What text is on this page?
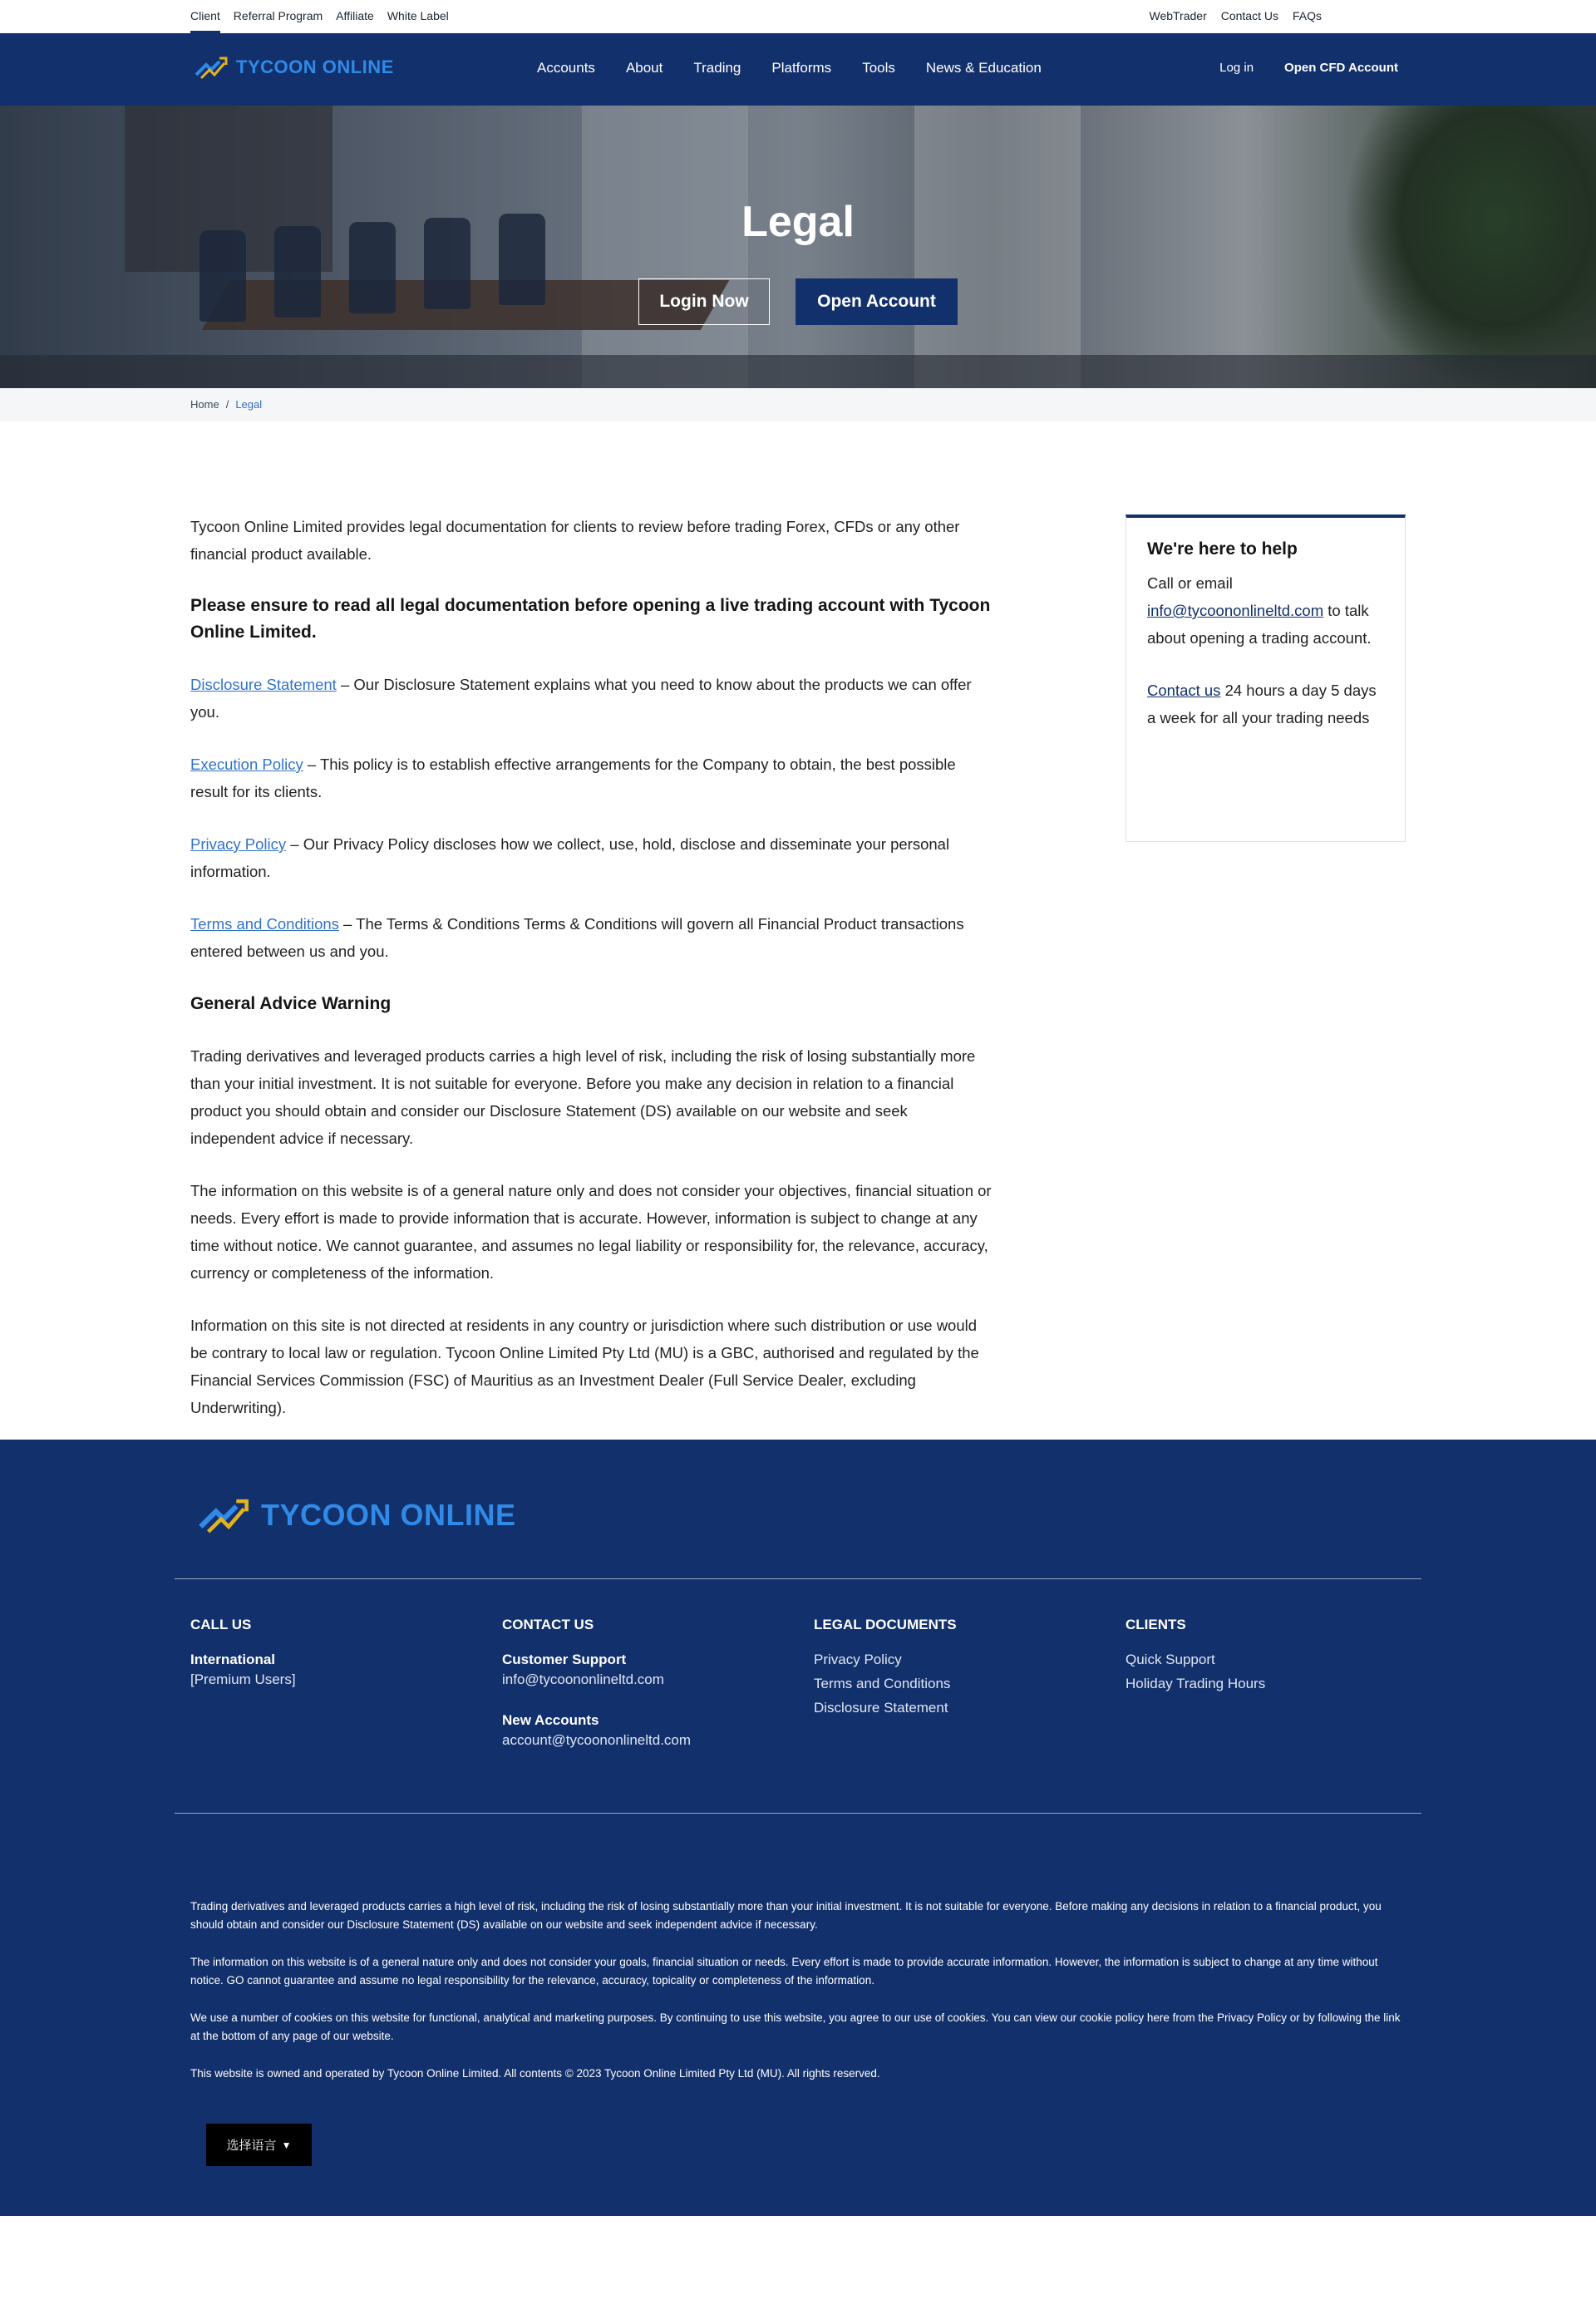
Client Referral Program Affiliate White Label	WebTrader Contact Us FAQs
TYCOON ONLINE	Accounts About Trading Platforms Tools News & Education	Log in Open CFD Account
Legal
Login Now	Open Account
Home / Legal

Tycoon Online Limited provides legal documentation for clients to review before trading Forex, CFDs or any other financial product available.

Please ensure to read all legal documentation before opening a live trading account with Tycoon Online Limited.

Disclosure Statement – Our Disclosure Statement explains what you need to know about the products we can offer you.

Execution Policy – This policy is to establish effective arrangements for the Company to obtain, the best possible result for its clients.

Privacy Policy – Our Privacy Policy discloses how we collect, use, hold, disclose and disseminate your personal information.

Terms and Conditions – The Terms & Conditions Terms & Conditions will govern all Financial Product transactions entered between us and you.

General Advice Warning

Trading derivatives and leveraged products carries a high level of risk, including the risk of losing substantially more than your initial investment. It is not suitable for everyone. Before you make any decision in relation to a financial product you should obtain and consider our Disclosure Statement (DS) available on our website and seek independent advice if necessary.

The information on this website is of a general nature only and does not consider your objectives, financial situation or needs. Every effort is made to provide information that is accurate. However, information is subject to change at any time without notice. We cannot guarantee, and assumes no legal liability or responsibility for, the relevance, accuracy, currency or completeness of the information.

Information on this site is not directed at residents in any country or jurisdiction where such distribution or use would be contrary to local law or regulation. Tycoon Online Limited Pty Ltd (MU) is a GBC, authorised and regulated by the Financial Services Commission (FSC) of Mauritius as an Investment Dealer (Full Service Dealer, excluding Underwriting).

We're here to help

Call or email info@tycoononlineltd.com to talk about opening a trading account.

Contact us 24 hours a day 5 days a week for all your trading needs

TYCOON ONLINE
CALL US
International
[Premium Users]
CONTACT US
Customer Support
info@tycoononlineltd.com
New Accounts
account@tycoononlineltd.com
LEGAL DOCUMENTS
Privacy Policy
Terms and Conditions
Disclosure Statement
CLIENTS
Quick Support
Holiday Trading Hours

Trading derivatives and leveraged products carries a high level of risk, including the risk of losing substantially more than your initial investment. It is not suitable for everyone. Before making any decisions in relation to a financial product, you should obtain and consider our Disclosure Statement (DS) available on our website and seek independent advice if necessary.

The information on this website is of a general nature only and does not consider your goals, financial situation or needs. Every effort is made to provide accurate information. However, the information is subject to change at any time without notice. GO cannot guarantee and assume no legal responsibility for the relevance, accuracy, topicality or completeness of the information.

We use a number of cookies on this website for functional, analytical and marketing purposes. By continuing to use this website, you agree to our use of cookies. You can view our cookie policy here from the Privacy Policy or by following the link at the bottom of any page of our website.

This website is owned and operated by Tycoon Online Limited. All contents © 2023 Tycoon Online Limited Pty Ltd (MU). All rights reserved.

选择语言 ▼
